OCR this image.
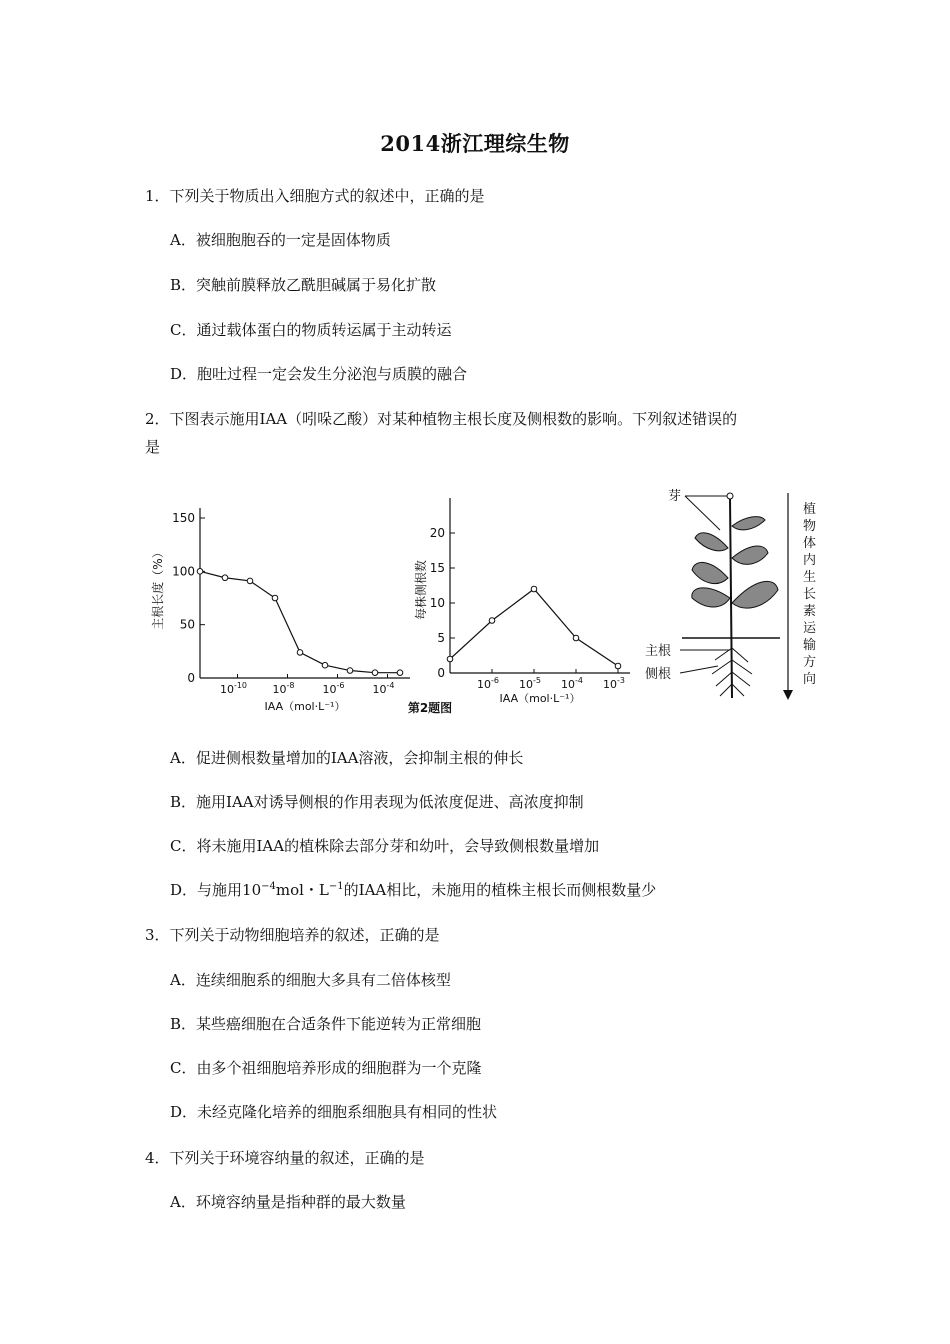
2014浙江理综生物
1．下列关于物质出入细胞方式的叙述中，正确的是
A．被细胞胞吞的一定是固体物质
B．突触前膜释放乙酰胆碱属于易化扩散
C．通过载体蛋白的物质转运属于主动转运
D．胞吐过程一定会发生分泌泡与质膜的融合
2．下图表示施用IAA（吲哚乙酸）对某种植物主根长度及侧根数的影响。下列叙述错误的
是
150
100
50
0
$10^{-10}$ $10^{-8}$	$10^{-6}$	$10^{-4}$
主根长度（%）
IAA（mol·L⁻¹）
20
15
10
5
0
$10^{-6}$ $10^{-5}$ $10^{-4}$ $10^{-3}$
每株侧根数
IAA（mol·L⁻¹）
第2题图
芽
主根
侧根
植物体内生长素运输方向
A．促进侧根数量增加的IAA溶液，会抑制主根的伸长
B．施用IAA对诱导侧根的作用表现为低浓度促进、高浓度抑制
C．将未施用IAA的植株除去部分芽和幼叶，会导致侧根数量增加
D．与施用$10^{-4}mol$・$L^{-1}$的IAA相比，未施用的植株主根长而侧根数量少
3．下列关于动物细胞培养的叙述，正确的是
A．连续细胞系的细胞大多具有二倍体核型
B．某些癌细胞在合适条件下能逆转为正常细胞
C．由多个祖细胞培养形成的细胞群为一个克隆
D．未经克隆化培养的细胞系细胞具有相同的性状
4．下列关于环境容纳量的叙述，正确的是
A．环境容纳量是指种群的最大数量
